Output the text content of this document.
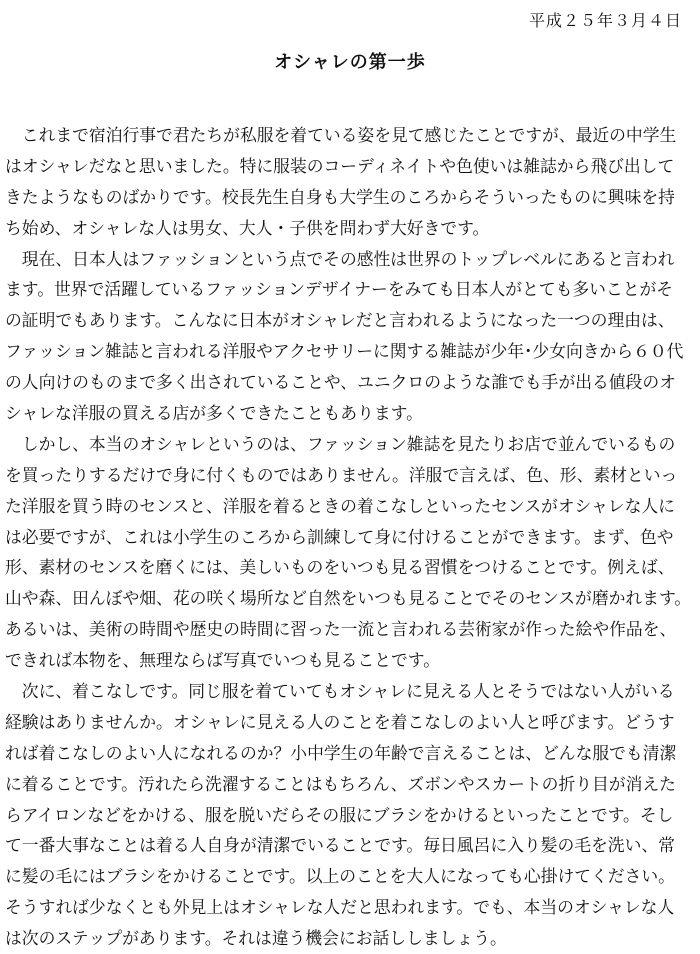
平成２５年３月４日
オシャレの第一歩
　これまで宿泊行事で君たちが私服を着ている姿を見て感じたことですが、最近の中学生
はオシャレだなと思いました。特に服装のコーディネイトや色使いは雑誌から飛び出して
きたようなものばかりです。校長先生自身も大学生のころからそういったものに興味を持
ち始め、オシャレな人は男女、大人・子供を問わず大好きです。
　現在、日本人はファッションという点でその感性は世界のトップレベルにあると言われ
ます。世界で活躍しているファッションデザイナーをみても日本人がとても多いことがそ
の証明でもあります。こんなに日本がオシャレだと言われるようになった一つの理由は、
ファッション雑誌と言われる洋服やアクセサリーに関する雑誌が少年･少女向きから６０代
の人向けのものまで多く出されていることや、ユニクロのような誰でも手が出る値段のオ
シャレな洋服の買える店が多くできたこともあります。
　しかし、本当のオシャレというのは、ファッション雑誌を見たりお店で並んでいるもの
を買ったりするだけで身に付くものではありません。洋服で言えば、色、形、素材といっ
た洋服を買う時のセンスと、洋服を着るときの着こなしといったセンスがオシャレな人に
は必要ですが、これは小学生のころから訓練して身に付けることができます。まず、色や
形、素材のセンスを磨くには、美しいものをいつも見る習慣をつけることです。例えば、
山や森、田んぼや畑、花の咲く場所など自然をいつも見ることでそのセンスが磨かれます。
あるいは、美術の時間や歴史の時間に習った一流と言われる芸術家が作った絵や作品を、
できれば本物を、無理ならば写真でいつも見ることです。
　次に、着こなしです。同じ服を着ていてもオシャレに見える人とそうではない人がいる
経験はありませんか。オシャレに見える人のことを着こなしのよい人と呼びます。どうす
れば着こなしのよい人になれるのか？小中学生の年齢で言えることは、どんな服でも清潔
に着ることです。汚れたら洗濯することはもちろん、ズボンやスカートの折り目が消えた
らアイロンなどをかける、服を脱いだらその服にブラシをかけるといったことです。そし
て一番大事なことは着る人自身が清潔でいることです。毎日風呂に入り髪の毛を洗い、常
に髪の毛にはブラシをかけることです。以上のことを大人になっても心掛けてください。
そうすれば少なくとも外見上はオシャレな人だと思われます。でも、本当のオシャレな人
は次のステップがあります。それは違う機会にお話ししましょう。
